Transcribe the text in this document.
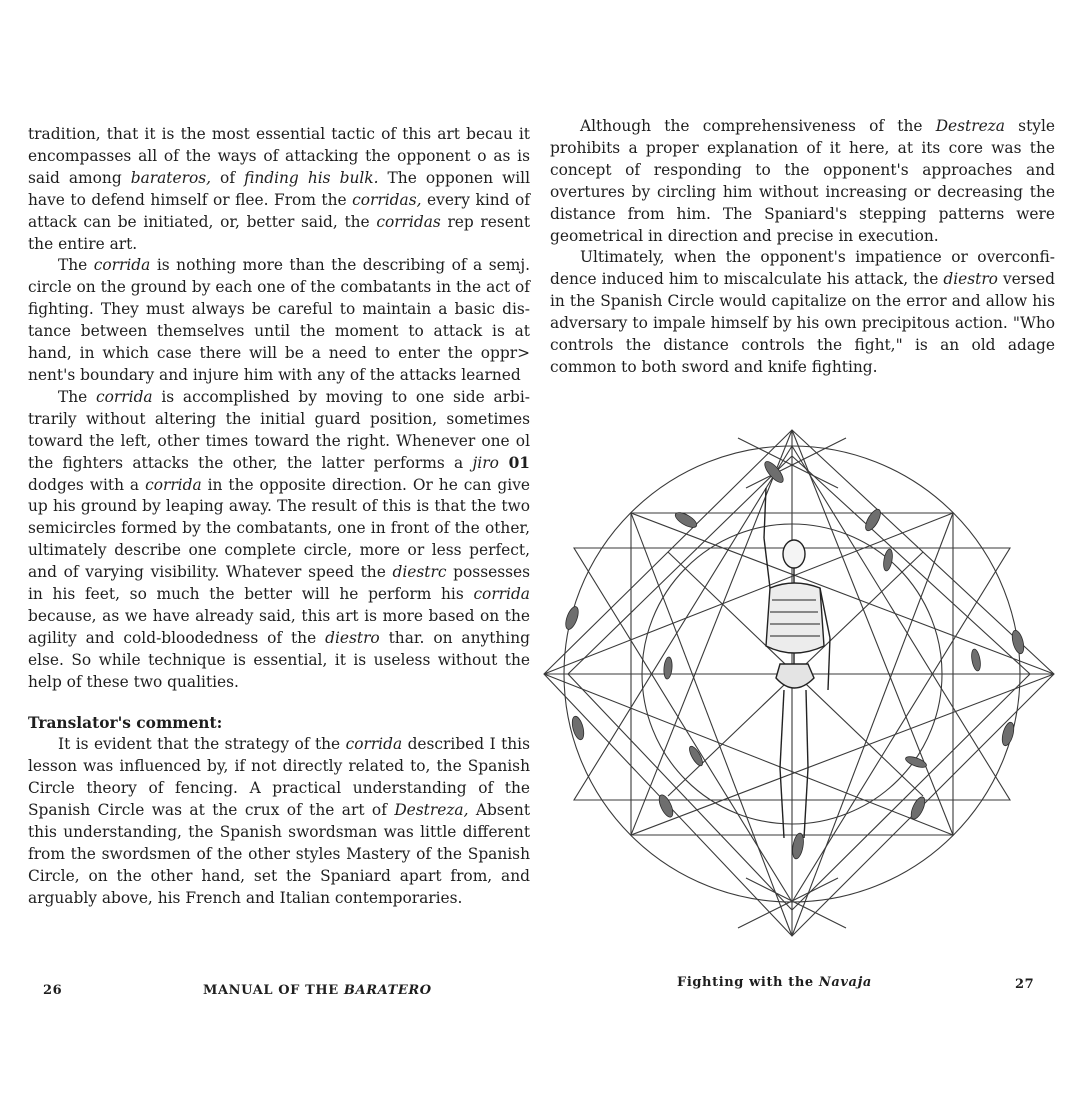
tradition, that it is the most essential tactic of this art becau it encompasses all of the ways of attacking the opponent o as is said among barateros, of finding his bulk. The opponen will have to defend himself or flee. From the corridas, every kind of attack can be initiated, or, better said, the corridas rep resent the entire art.

The corrida is nothing more than the describing of a semj. circle on the ground by each one of the combatants in the act of fighting. They must always be careful to maintain a basic distance between themselves until the moment to attack is at hand, in which case there will be a need to enter the oppr> nent's boundary and injure him with any of the attacks learned

The corrida is accomplished by moving to one side arbitrarily without altering the initial guard position, sometimes toward the left, other times toward the right. Whenever one ol the fighters attacks the other, the latter performs a jiro 01 dodges with a corrida in the opposite direction. Or he can give up his ground by leaping away. The result of this is that the two semicircles formed by the combatants, one in front of the other, ultimately describe one complete circle, more or less perfect, and of varying visibility. Whatever speed the diestrc possesses in his feet, so much the better will he perform his corrida because, as we have already said, this art is more based on the agility and cold-bloodedness of the diestro thar. on anything else. So while technique is essential, it is useless without the help of these two qualities.

Translator's comment:

It is evident that the strategy of the corrida described I this lesson was influenced by, if not directly related to, the Spanish Circle theory of fencing. A practical understanding of the Spanish Circle was at the crux of the art of Destreza, Absent this understanding, the Spanish swordsman was little different from the swordsmen of the other styles Mastery of the Spanish Circle, on the other hand, set the Spaniard apart from, and arguably above, his French and Italian contemporaries.

Although the comprehensiveness of the Destreza style prohibits a proper explanation of it here, at its core was the concept of responding to the opponent's approaches and overtures by circling him without increasing or decreasing the distance from him. The Spaniard's stepping patterns were geometrical in direction and precise in execution.

Ultimately, when the opponent's impatience or overconfidence induced him to miscalculate his attack, the diestro versed in the Spanish Circle would capitalize on the error and allow his adversary to impale himself by his own precipitous action. "Who controls the distance controls the fight," is an old adage common to both sword and knife fighting.

26	MANUAL OF THE BARATERO
Fighting with the Navaja	27
